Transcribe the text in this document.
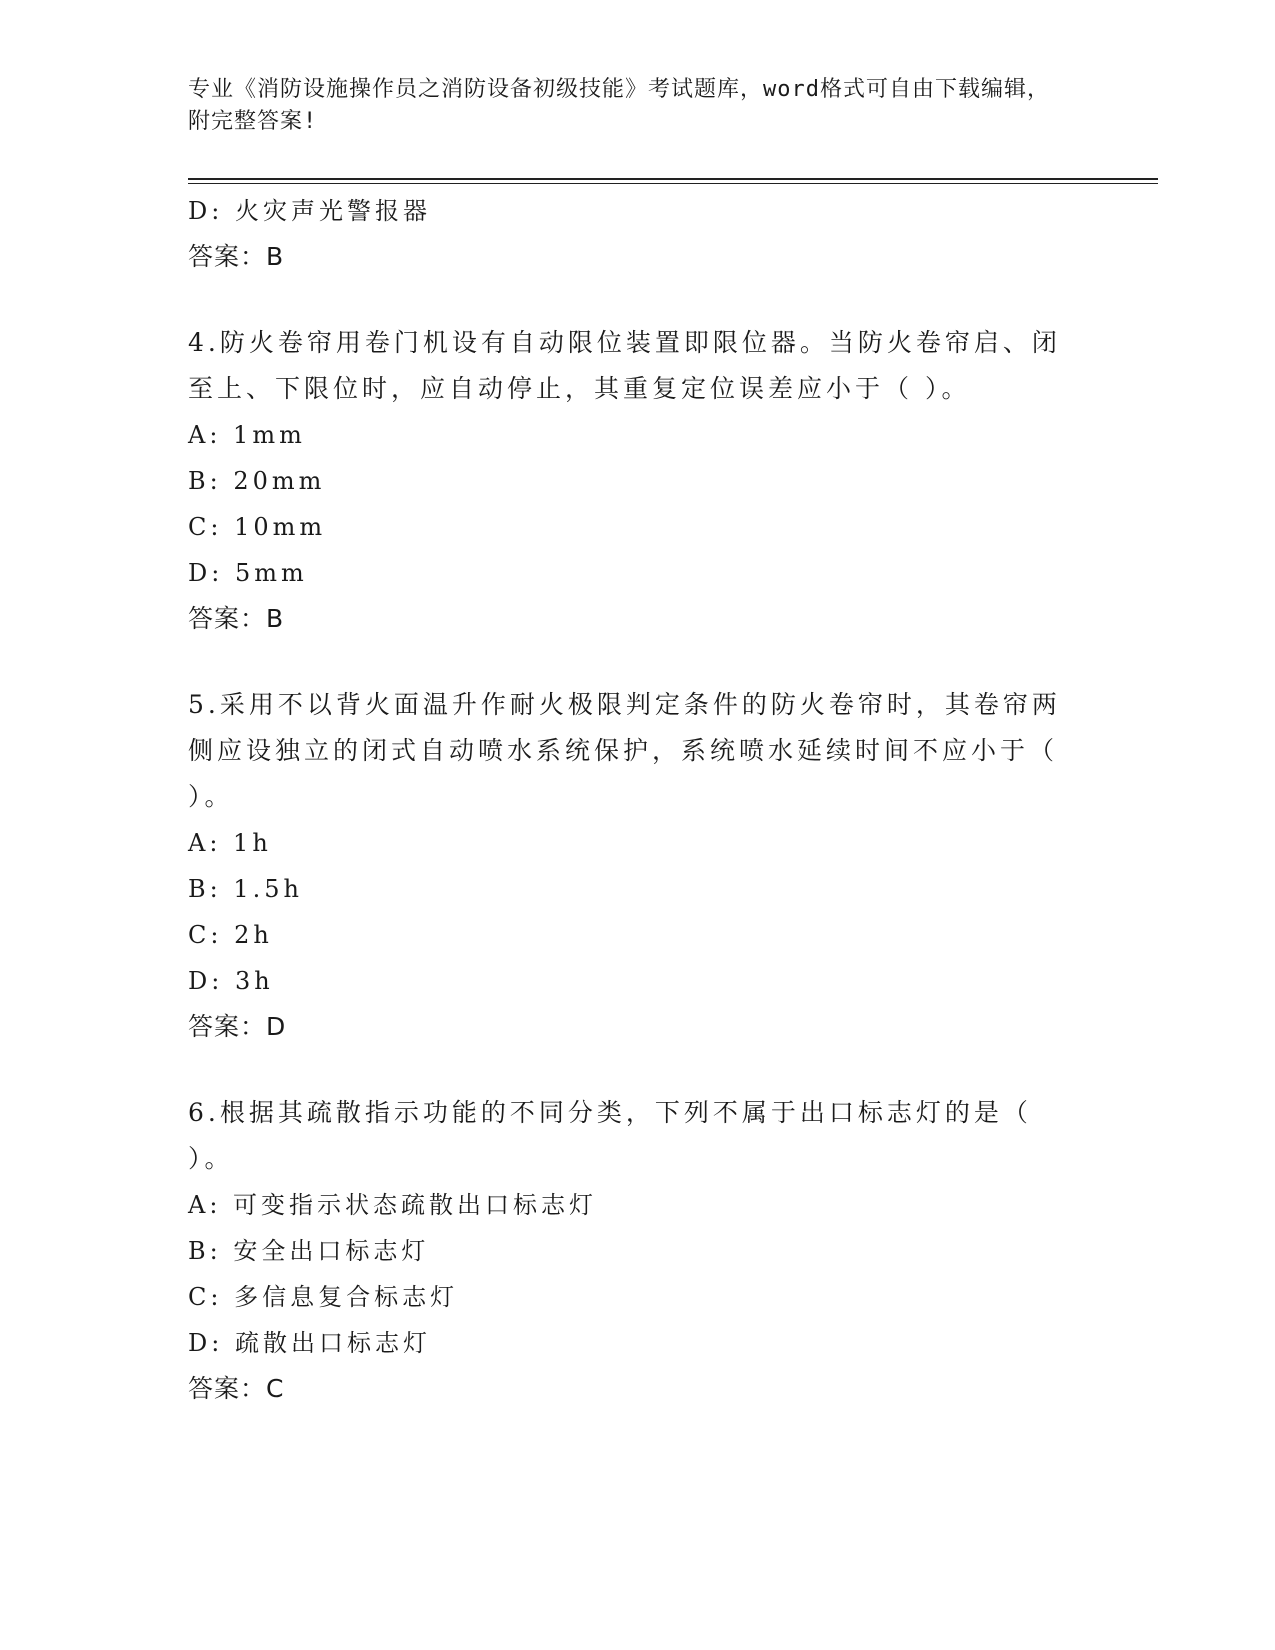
专业《消防设施操作员之消防设备初级技能》考试题库，word格式可自由下载编辑，附完整答案!

D: 火灾声光警报器

答案：B

4.防火卷帘用卷门机设有自动限位装置即限位器。当防火卷帘启、闭

至上、下限位时，应自动停止，其重复定位误差应小于（ ）。

A: 1mm

B: 20mm

C: 10mm

D: 5mm

答案：B

5.采用不以背火面温升作耐火极限判定条件的防火卷帘时，其卷帘两

侧应设独立的闭式自动喷水系统保护，系统喷水延续时间不应小于（

）。

A: 1h

B: 1.5h

C: 2h

D: 3h

答案：D

6.根据其疏散指示功能的不同分类，下列不属于出口标志灯的是（

）。

A: 可变指示状态疏散出口标志灯

B: 安全出口标志灯

C: 多信息复合标志灯

D: 疏散出口标志灯

答案：C
